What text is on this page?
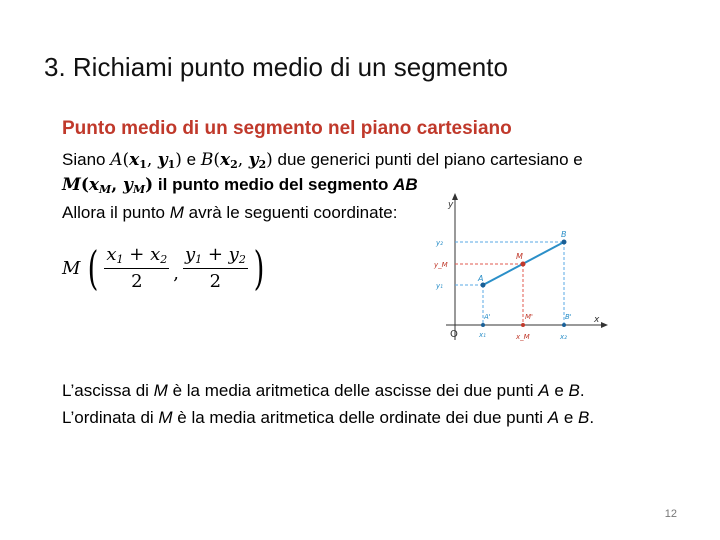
3. Richiami punto medio di un segmento
Punto medio di un segmento nel piano cartesiano
Siano $A(x_1$, $y_1$) e $B(x_2$, $y_2$) due generici punti del piano cartesiano e
$M(x_M$, $y_M$) il punto medio del segmento AB
Allora il punto M avrà le seguenti coordinate:
M ( $\frac{x_1 + x_2}{2}$ , $\frac{y_1 + y_2}{2}$ )
y
x
O
A
B
M
A'	M'	B'
y₁
y_M
y₂
x₁	x_M	x₂
L’ascissa di M è la media aritmetica delle ascisse dei due punti A e B.
L’ordinata di M è la media aritmetica delle ordinate dei due punti A e B.
12
